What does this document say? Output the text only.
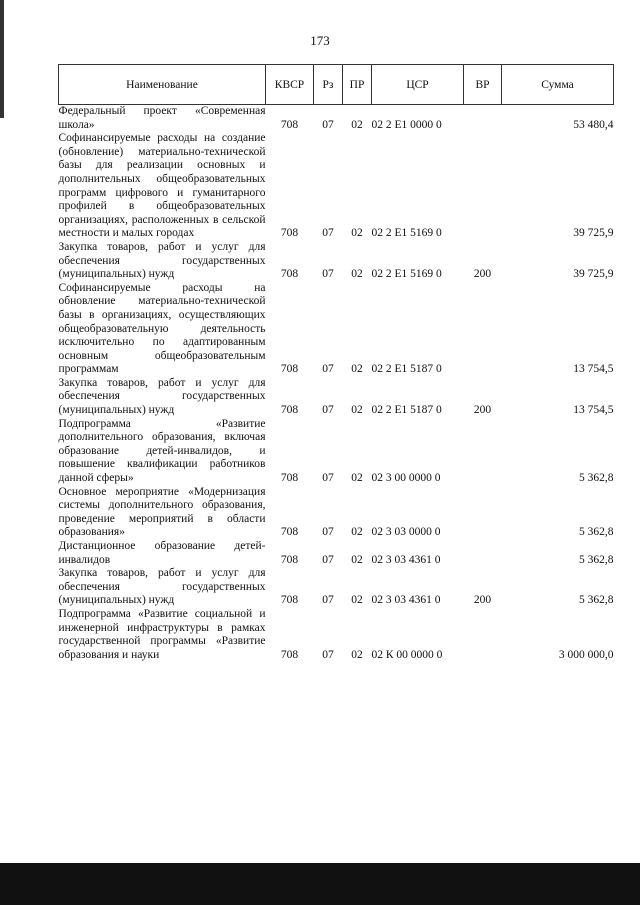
173
Наименование	КВСР	Рз	ПР	ЦСР	ВР	Сумма
Федеральный проект «Современная школа»	708	07	02	02 2 Е1 0000 0		53 480,4
Софинансируемые расходы на создание (обновление) материально-технической базы для реализации основных и дополнительных общеобразовательных программ цифрового и гуманитарного профилей в общеобразовательных организациях, расположенных в сельской местности и малых городах	708	07	02	02 2 Е1 5169 0		39 725,9
Закупка товаров, работ и услуг для обеспечения государственных (муниципальных) нужд	708	07	02	02 2 Е1 5169 0	200	39 725,9
Софинансируемые расходы на обновление материально-технической базы в организациях, осуществляющих общеобразовательную деятельность исключительно по адаптированным основным общеобразовательным программам	708	07	02	02 2 Е1 5187 0		13 754,5
Закупка товаров, работ и услуг для обеспечения государственных (муниципальных) нужд	708	07	02	02 2 Е1 5187 0	200	13 754,5
Подпрограмма «Развитие дополнительного образования, включая образование детей-инвалидов, и повышение квалификации работников данной сферы»	708	07	02	02 3 00 0000 0		5 362,8
Основное мероприятие «Модернизация системы дополнительного образования, проведение мероприятий в области образования»	708	07	02	02 3 03 0000 0		5 362,8
Дистанционное образование детей-инвалидов	708	07	02	02 3 03 4361 0		5 362,8
Закупка товаров, работ и услуг для обеспечения государственных (муниципальных) нужд	708	07	02	02 3 03 4361 0	200	5 362,8
Подпрограмма «Развитие социальной и инженерной инфраструктуры в рамках государственной программы «Развитие образования и науки	708	07	02	02 К 00 0000 0		3 000 000,0
